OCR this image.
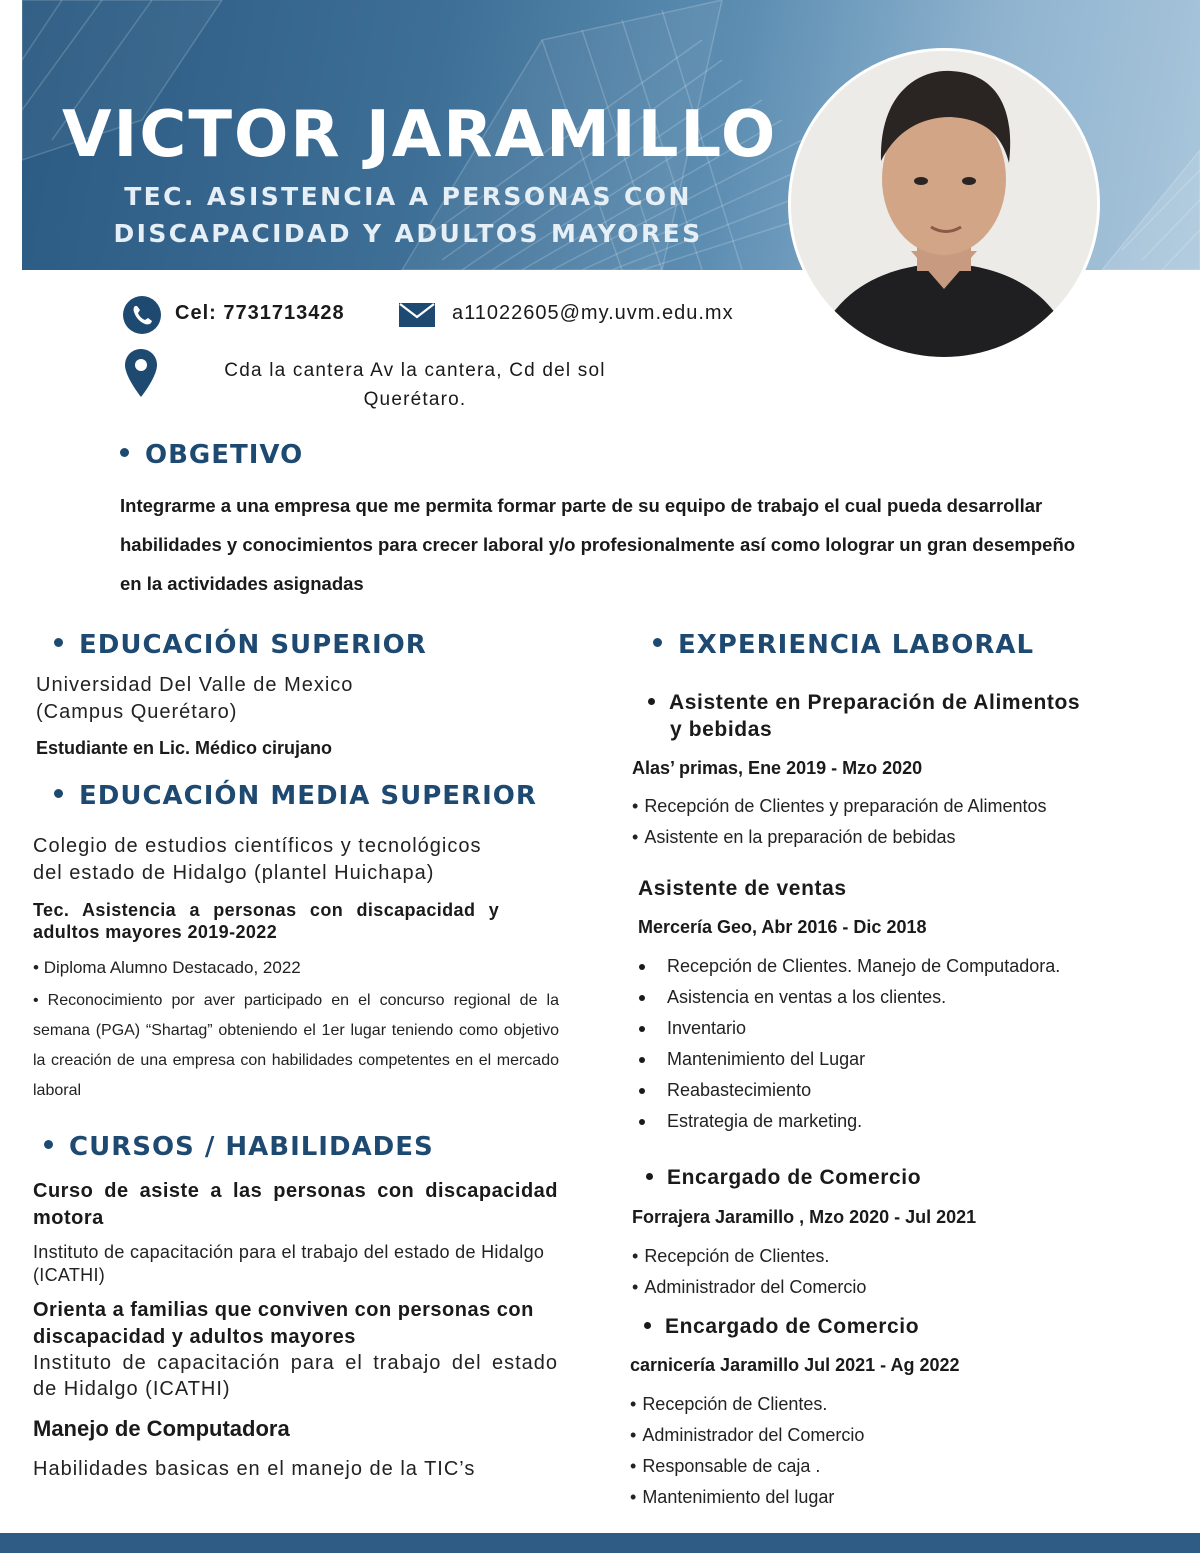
VICTOR JARAMILLO
TEC. ASISTENCIA A PERSONAS CON
DISCAPACIDAD Y ADULTOS MAYORES
Cel: 7731713428	a11022605@my.uvm.edu.mx
Cda la cantera Av la cantera, Cd del sol
Querétaro.
OBGETIVO
Integrarme a una empresa que me permita formar parte de su equipo de trabajo el cual pueda desarrollar habilidades y conocimientos para crecer laboral y/o profesionalmente así como lolograr un gran desempeño en la actividades asignadas
EDUCACIÓN SUPERIOR
Universidad Del Valle de Mexico
(Campus Querétaro)
Estudiante en Lic. Médico cirujano
EDUCACIÓN MEDIA SUPERIOR
Colegio de estudios científicos y tecnológicos
del estado de Hidalgo (plantel Huichapa)
Tec. Asistencia a personas con discapacidad y
adultos mayores 2019-2022
• Diploma Alumno Destacado, 2022
• Reconocimiento por aver participado en el concurso regional de la semana (PGA) “Shartag” obteniendo el 1er lugar teniendo como objetivo la creación de una empresa con habilidades competentes en el mercado laboral
CURSOS / HABILIDADES
Curso de asiste a las personas con discapacidad motora
Instituto de capacitación para el trabajo del estado de Hidalgo (ICATHI)
Orienta a familias que conviven con personas con discapacidad y adultos mayores
Instituto de capacitación para el trabajo del estado de Hidalgo (ICATHI)
Manejo de Computadora
Habilidades basicas en el manejo de la TIC’s
EXPERIENCIA LABORAL
Asistente en Preparación de Alimentos
y bebidas
Alas’ primas, Ene 2019 - Mzo 2020
• Recepción de Clientes y preparación de Alimentos
• Asistente en la preparación de bebidas
Asistente de ventas
Mercería Geo, Abr 2016 - Dic 2018
Recepción de Clientes. Manejo de Computadora.
Asistencia en ventas a los clientes.
Inventario
Mantenimiento del Lugar
Reabastecimiento
Estrategia de marketing.
Encargado de Comercio
Forrajera Jaramillo , Mzo 2020 - Jul 2021
• Recepción de Clientes.
• Administrador del Comercio
Encargado de Comercio
carnicería Jaramillo Jul 2021 - Ag 2022
• Recepción de Clientes.
• Administrador del Comercio
• Responsable de caja .
• Mantenimiento del lugar
